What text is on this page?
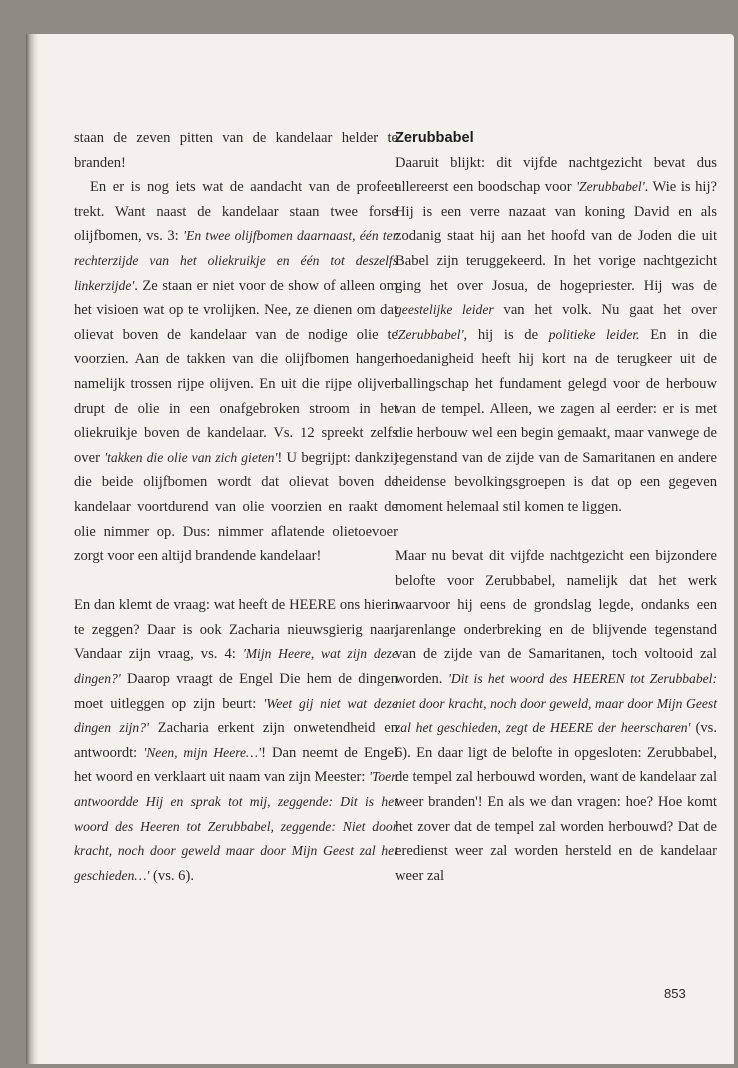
staan de zeven pitten van de kandelaar helder te branden!

En er is nog iets wat de aandacht van de profeet trekt. Want naast de kandelaar staan twee forse olijfbomen, vs. 3: 'En twee olijfbomen daarnaast, één ter rechterzijde van het oliekruikje en één tot deszelfs linkerzijde'. Ze staan er niet voor de show of alleen om het visioen wat op te vrolijken. Nee, ze dienen om dat olievat boven de kandelaar van de nodige olie te voorzien. Aan de takken van die olijfbomen hangen namelijk trossen rijpe olijven. En uit die rijpe olijven drupt de olie in een onafgebroken stroom in het oliekruikje boven de kandelaar. Vs. 12 spreekt zelfs over 'takken die olie van zich gieten'! U begrijpt: dankzij die beide olijfbomen wordt dat olievat boven de kandelaar voortdurend van olie voorzien en raakt de olie nimmer op. Dus: nimmer aflatende olietoevoer zorgt voor een altijd brandende kandelaar!

En dan klemt de vraag: wat heeft de HEERE ons hierin te zeggen? Daar is ook Zacharia nieuwsgierig naar. Vandaar zijn vraag, vs. 4: 'Mijn Heere, wat zijn deze dingen?' Daarop vraagt de Engel Die hem de dingen moet uitleggen op zijn beurt: 'Weet gij niet wat deze dingen zijn?' Zacharia erkent zijn onwetendheid en antwoordt: 'Neen, mijn Heere…'! Dan neemt de Engel het woord en verklaart uit naam van zijn Meester: 'Toen antwoordde Hij en sprak tot mij, zeggende: Dit is het woord des Heeren tot Zerubbabel, zeggende: Niet door kracht, noch door geweld maar door Mijn Geest zal het geschieden…' (vs. 6).

Zerubbabel

Daaruit blijkt: dit vijfde nachtgezicht bevat dus allereerst een boodschap voor 'Zerubbabel'. Wie is hij? Hij is een verre nazaat van koning David en als zodanig staat hij aan het hoofd van de Joden die uit Babel zijn teruggekeerd. In het vorige nachtgezicht ging het over Josua, de hogepriester. Hij was de geestelijke leider van het volk. Nu gaat het over 'Zerubbabel', hij is de politieke leider. En in die hoedanigheid heeft hij kort na de terugkeer uit de ballingschap het fundament gelegd voor de herbouw van de tempel. Alleen, we zagen al eerder: er is met die herbouw wel een begin gemaakt, maar vanwege de tegenstand van de zijde van de Samaritanen en andere heidense bevolkingsgroepen is dat op een gegeven moment helemaal stil komen te liggen.

Maar nu bevat dit vijfde nachtgezicht een bijzondere belofte voor Zerubbabel, namelijk dat het werk waarvoor hij eens de grondslag legde, ondanks een jarenlange onderbreking en de blijvende tegenstand van de zijde van de Samaritanen, toch voltooid zal worden. 'Dit is het woord des HEEREN tot Zerubbabel: niet door kracht, noch door geweld, maar door Mijn Geest zal het geschieden, zegt de HEERE der heerscharen' (vs. 6). En daar ligt de belofte in opgesloten: Zerubbabel, de tempel zal herbouwd worden, want de kandelaar zal weer branden'! En als we dan vragen: hoe? Hoe komt het zover dat de tempel zal worden herbouwd? Dat de eredienst weer zal worden hersteld en de kandelaar weer zal

853
